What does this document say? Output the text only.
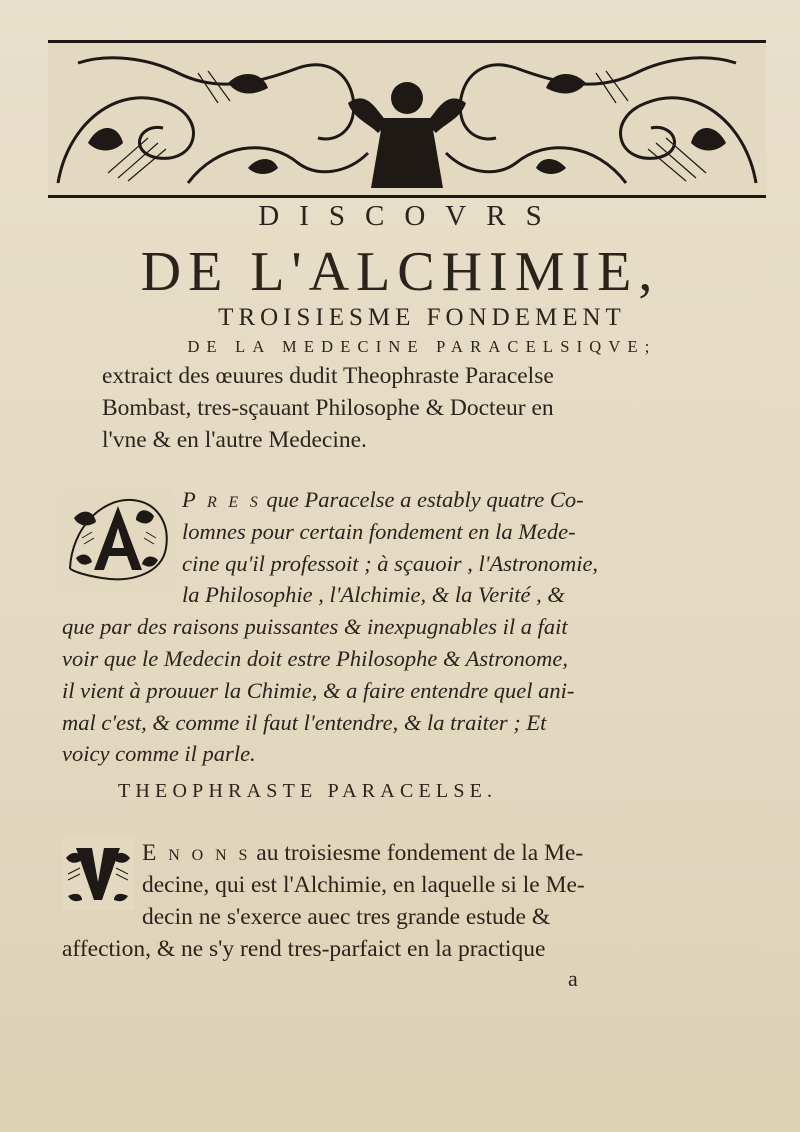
DISCOVRS
DE L'ALCHIMIE,
TROISIESME FONDEMENT
DE LA MEDECINE PARACELSIQVE;
extraict des œuures dudit Theophraste Paracelse
Bombast, tres-sçauant Philosophe & Docteur en
l'vne & en l'autre Medecine.
P r e s que Paracelse a estably quatre Co-
lomnes pour certain fondement en la Mede-
cine qu'il professoit ; à sçauoir , l'Astronomie,
la Philosophie , l'Alchimie, & la Verité , &
que par des raisons puissantes & inexpugnables il a fait
voir que le Medecin doit estre Philosophe & Astronome,
il vient à prouuer la Chimie, & a faire entendre quel ani-
mal c'est, & comme il faut l'entendre, & la traiter ; Et
voicy comme il parle.
THEOPHRASTE PARACELSE.
E n o n s au troisiesme fondement de la Me-
decine, qui est l'Alchimie, en laquelle si le Me-
decin ne s'exerce auec tres grande estude &
affection, & ne s'y rend tres-parfaict en la practique
a
